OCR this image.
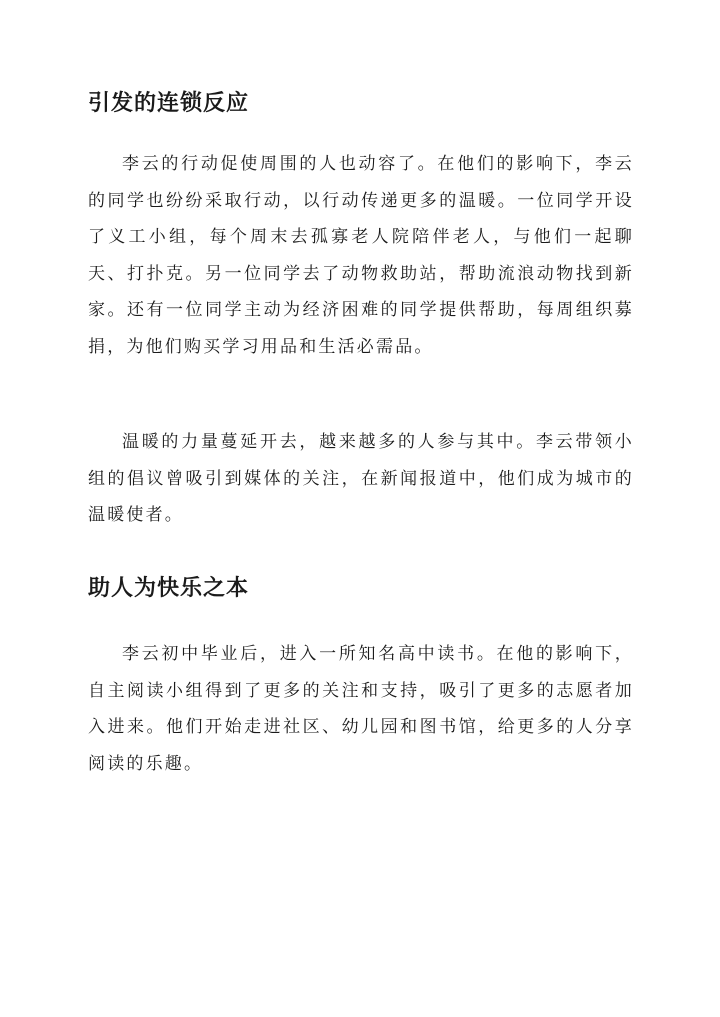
引发的连锁反应

李云的行动促使周围的人也动容了。在他们的影响下，李云的同学也纷纷采取行动，以行动传递更多的温暖。一位同学开设了义工小组，每个周末去孤寡老人院陪伴老人，与他们一起聊天、打扑克。另一位同学去了动物救助站，帮助流浪动物找到新家。还有一位同学主动为经济困难的同学提供帮助，每周组织募捐，为他们购买学习用品和生活必需品。

温暖的力量蔓延开去，越来越多的人参与其中。李云带领小组的倡议曾吸引到媒体的关注，在新闻报道中，他们成为城市的温暖使者。

助人为快乐之本

李云初中毕业后，进入一所知名高中读书。在他的影响下，自主阅读小组得到了更多的关注和支持，吸引了更多的志愿者加入进来。他们开始走进社区、幼儿园和图书馆，给更多的人分享阅读的乐趣。
